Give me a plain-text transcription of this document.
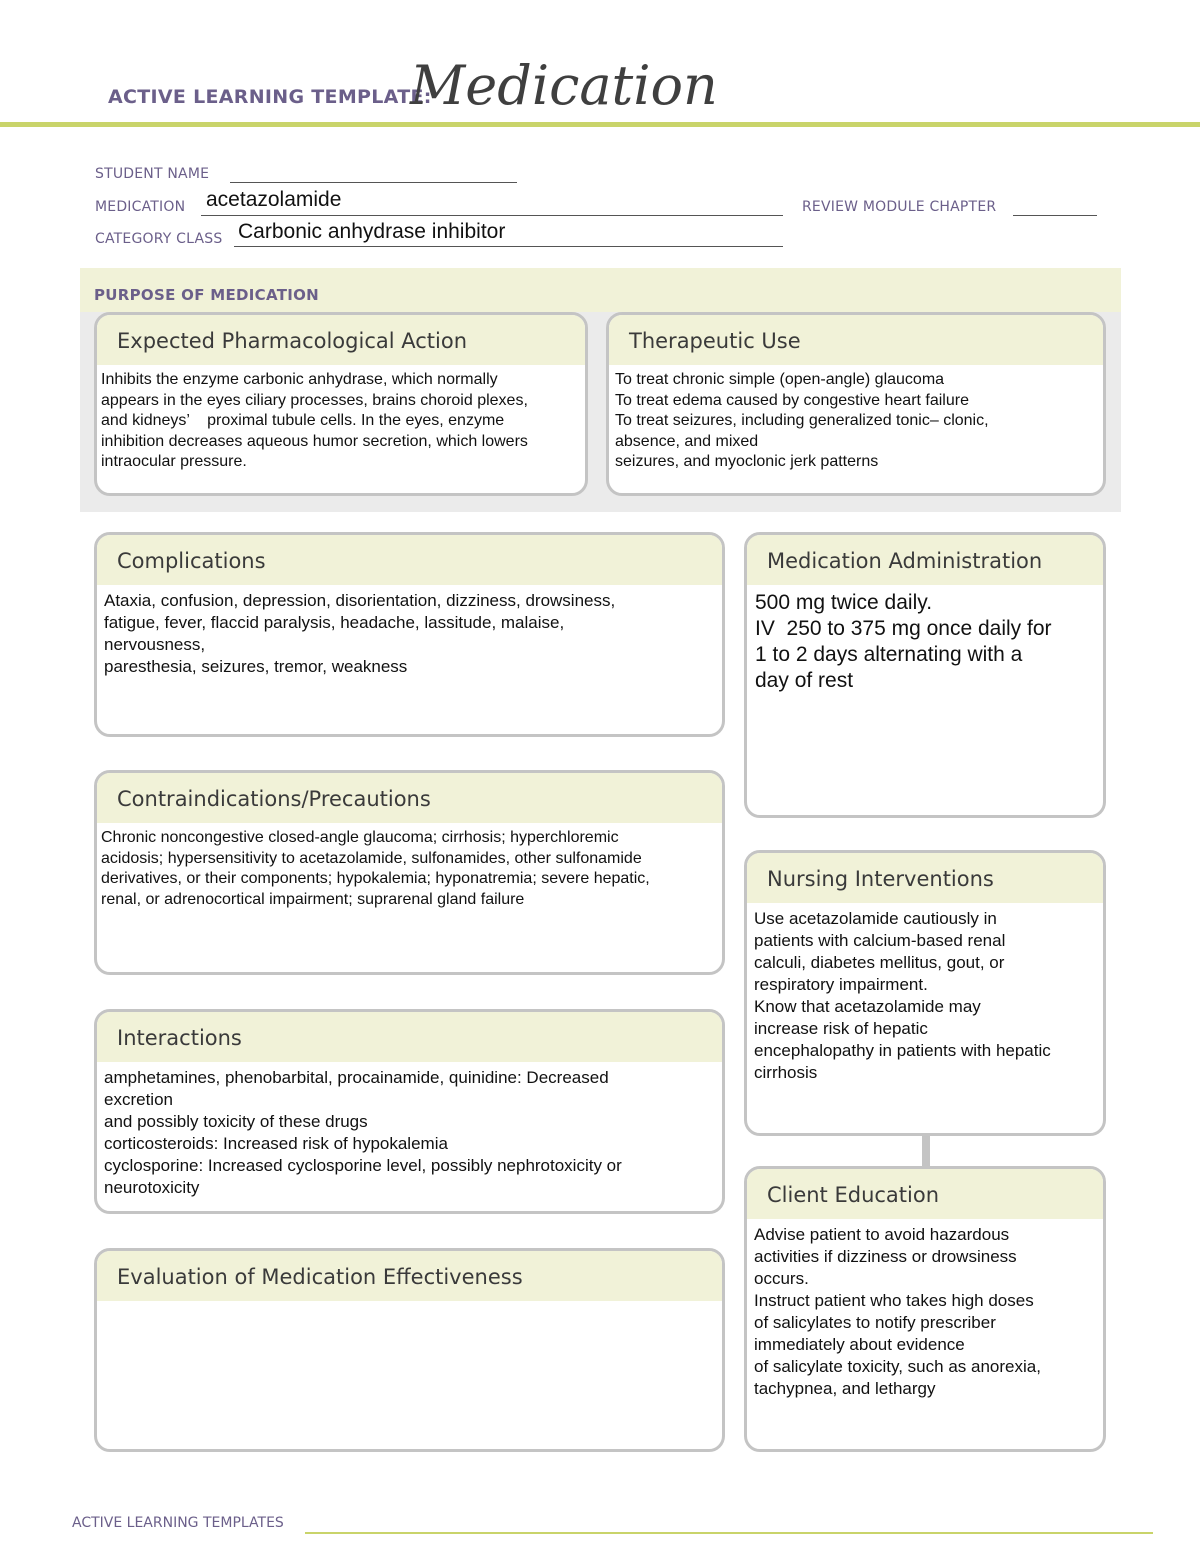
ACTIVE LEARNING TEMPLATE:
Medication
STUDENT NAME
MEDICATION acetazolamide	REVIEW MODULE CHAPTER
CATEGORY CLASS Carbonic anhydrase inhibitor
PURPOSE OF MEDICATION
Expected Pharmacological Action
Inhibits the enzyme carbonic anhydrase, which normally
appears in the eyes ciliary processes, brains choroid plexes,
and kidneys’    proximal tubule cells. In the eyes, enzyme
inhibition decreases aqueous humor secretion, which lowers
intraocular pressure.
Therapeutic Use
To treat chronic simple (open-angle) glaucoma
To treat edema caused by congestive heart failure
To treat seizures, including generalized tonic– clonic,
absence, and mixed
seizures, and myoclonic jerk patterns
Complications
Ataxia, confusion, depression, disorientation, dizziness, drowsiness,
fatigue, fever, flaccid paralysis, headache, lassitude, malaise,
nervousness,
paresthesia, seizures, tremor, weakness
Medication Administration
500 mg twice daily.
IV  250 to 375 mg once daily for
1 to 2 days alternating with a
day of rest
Contraindications/Precautions
Chronic noncongestive closed-angle glaucoma; cirrhosis; hyperchloremic
acidosis; hypersensitivity to acetazolamide, sulfonamides, other sulfonamide
derivatives, or their components; hypokalemia; hyponatremia; severe hepatic,
renal, or adrenocortical impairment; suprarenal gland failure
Nursing Interventions
Use acetazolamide cautiously in
patients with calcium-based renal
calculi, diabetes mellitus, gout, or
respiratory impairment.
Know that acetazolamide may
increase risk of hepatic
encephalopathy in patients with hepatic
cirrhosis
Interactions
amphetamines, phenobarbital, procainamide, quinidine: Decreased
excretion
and possibly toxicity of these drugs
corticosteroids: Increased risk of hypokalemia
cyclosporine: Increased cyclosporine level, possibly nephrotoxicity or
neurotoxicity	Client Education
Advise patient to avoid hazardous
activities if dizziness or drowsiness
occurs.
Instruct patient who takes high doses
of salicylates to notify prescriber
immediately about evidence
of salicylate toxicity, such as anorexia,
tachypnea, and lethargy
Evaluation of Medication Effectiveness
ACTIVE LEARNING TEMPLATES
